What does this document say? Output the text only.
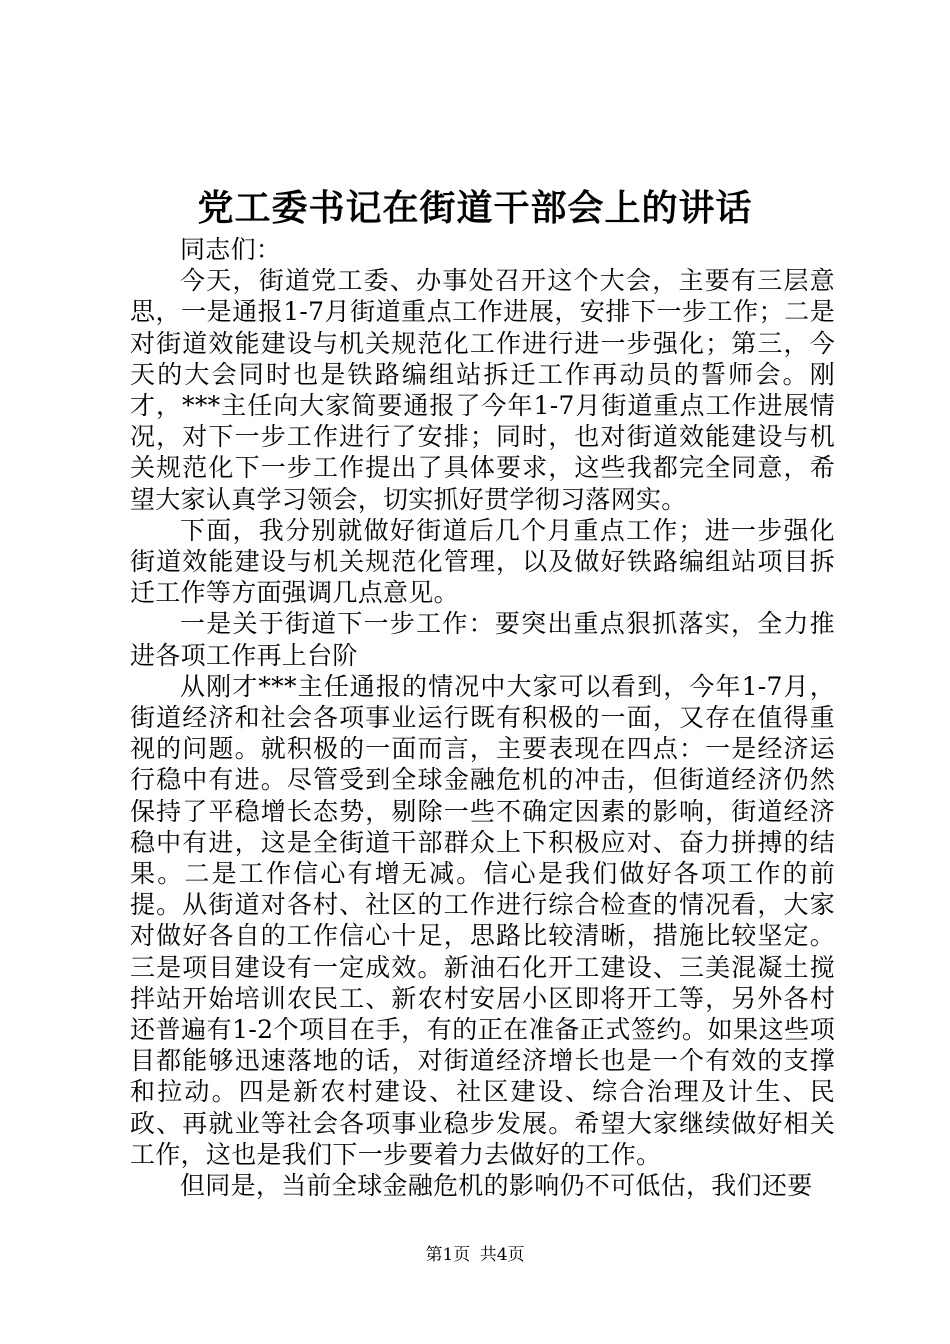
党工委书记在街道干部会上的讲话

同志们：

今天，街道党工委、办事处召开这个大会，主要有三层意思，一是通报1-7月街道重点工作进展，安排下一步工作；二是对街道效能建设与机关规范化工作进行进一步强化；第三，今天的大会同时也是铁路编组站拆迁工作再动员的誓师会。刚才，***主任向大家简要通报了今年1-7月街道重点工作进展情况，对下一步工作进行了安排；同时，也对街道效能建设与机关规范化下一步工作提出了具体要求，这些我都完全同意，希望大家认真学习领会，切实抓好贯学彻习落网实。

下面，我分别就做好街道后几个月重点工作；进一步强化街道效能建设与机关规范化管理，以及做好铁路编组站项目拆迁工作等方面强调几点意见。

一是关于街道下一步工作：要突出重点狠抓落实，全力推进各项工作再上台阶

从刚才***主任通报的情况中大家可以看到，今年1-7月，街道经济和社会各项事业运行既有积极的一面，又存在值得重视的问题。就积极的一面而言，主要表现在四点：一是经济运行稳中有进。尽管受到全球金融危机的冲击，但街道经济仍然保持了平稳增长态势，剔除一些不确定因素的影响，街道经济稳中有进，这是全街道干部群众上下积极应对、奋力拼搏的结果。二是工作信心有增无减。信心是我们做好各项工作的前提。从街道对各村、社区的工作进行综合检查的情况看，大家对做好各自的工作信心十足，思路比较清晰，措施比较坚定。三是项目建设有一定成效。新油石化开工建设、三美混凝土搅拌站开始培训农民工、新农村安居小区即将开工等，另外各村还普遍有1-2个项目在手，有的正在准备正式签约。如果这些项目都能够迅速落地的话，对街道经济增长也是一个有效的支撑和拉动。四是新农村建设、社区建设、综合治理及计生、民政、再就业等社会各项事业稳步发展。希望大家继续做好相关工作，这也是我们下一步要着力去做好的工作。

但同是，当前全球金融危机的影响仍不可低估，我们还要

第1页 共4页
